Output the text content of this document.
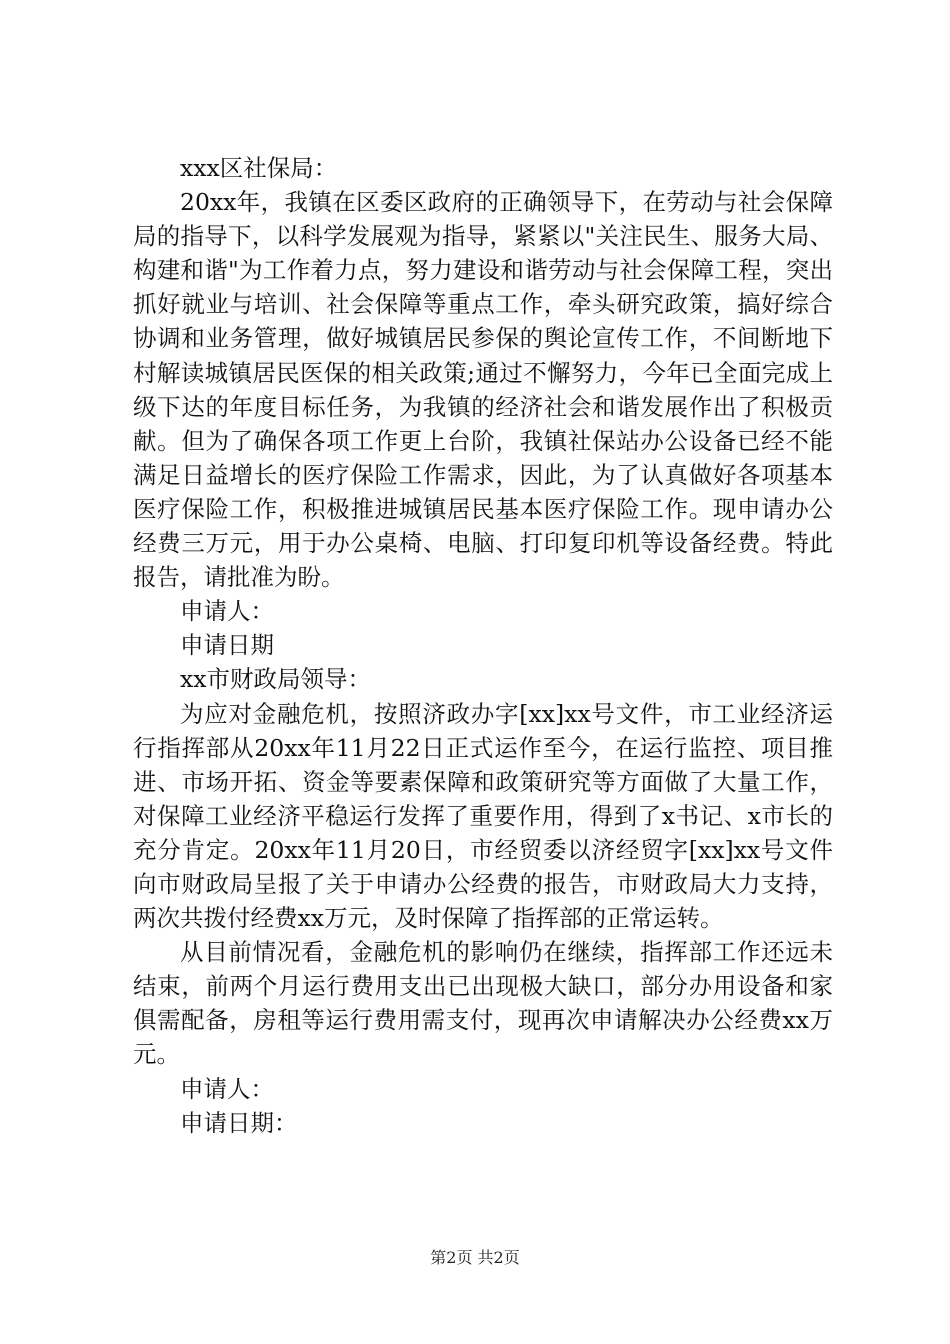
xxx区社保局：

20xx年，我镇在区委区政府的正确领导下，在劳动与社会保障局的指导下，以科学发展观为指导，紧紧以"关注民生、服务大局、构建和谐"为工作着力点，努力建设和谐劳动与社会保障工程，突出抓好就业与培训、社会保障等重点工作，牵头研究政策，搞好综合协调和业务管理，做好城镇居民参保的舆论宣传工作，不间断地下村解读城镇居民医保的相关政策;通过不懈努力，今年已全面完成上级下达的年度目标任务，为我镇的经济社会和谐发展作出了积极贡献。但为了确保各项工作更上台阶，我镇社保站办公设备已经不能满足日益增长的医疗保险工作需求，因此，为了认真做好各项基本医疗保险工作，积极推进城镇居民基本医疗保险工作。现申请办公经费三万元，用于办公桌椅、电脑、打印复印机等设备经费。特此报告，请批准为盼。

申请人：

申请日期

xx市财政局领导：

为应对金融危机，按照济政办字[xx]xx号文件，市工业经济运行指挥部从20xx年11月22日正式运作至今，在运行监控、项目推进、市场开拓、资金等要素保障和政策研究等方面做了大量工作，对保障工业经济平稳运行发挥了重要作用，得到了x书记、x市长的充分肯定。20xx年11月20日，市经贸委以济经贸字[xx]xx号文件向市财政局呈报了关于申请办公经费的报告，市财政局大力支持，两次共拨付经费xx万元，及时保障了指挥部的正常运转。

从目前情况看，金融危机的影响仍在继续，指挥部工作还远未结束，前两个月运行费用支出已出现极大缺口，部分办用设备和家俱需配备，房租等运行费用需支付，现再次申请解决办公经费xx万元。

申请人：

申请日期：

第2页 共2页
